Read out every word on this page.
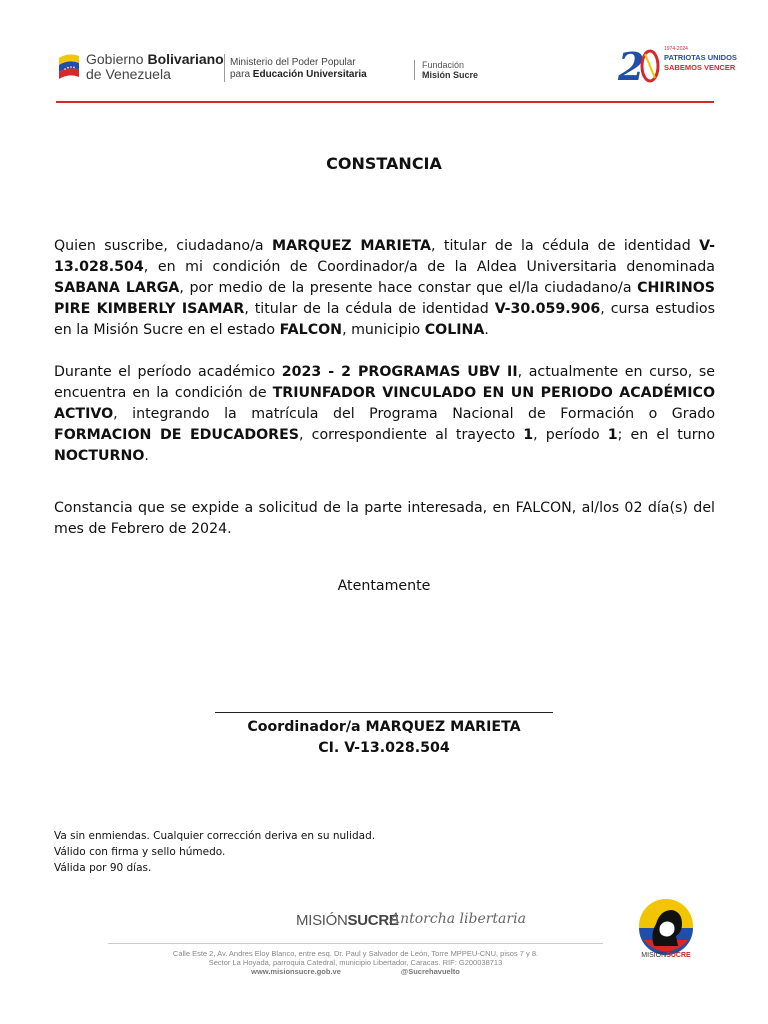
Gobierno Bolivariano
de Venezuela
Ministerio del Poder Popular
para Educación Universitaria
Fundación
Misión Sucre	2	1974-2024
PATRIOTAS UNIDOS
SABEMOS VENCER
CONSTANCIA
Quien suscribe, ciudadano/a MARQUEZ MARIETA, titular de la cédula de identidad V-13.028.504, en mi condición de Coordinador/a de la Aldea Universitaria denominada SABANA LARGA, por medio de la presente hace constar que el/la ciudadano/a CHIRINOS PIRE KIMBERLY ISAMAR, titular de la cédula de identidad V-30.059.906, cursa estudios en la Misión Sucre en el estado FALCON, municipio COLINA.
Durante el período académico 2023 - 2 PROGRAMAS UBV II, actualmente en curso, se encuentra en la condición de TRIUNFADOR VINCULADO EN UN PERIODO ACADÉMICO ACTIVO, integrando la matrícula del Programa Nacional de Formación o Grado FORMACION DE EDUCADORES, correspondiente al trayecto 1, período 1; en el turno NOCTURNO.
Constancia que se expide a solicitud de la parte interesada, en FALCON, al/los 02 día(s) del mes de Febrero de 2024.
Atentamente
Coordinador/a MARQUEZ MARIETA
CI. V-13.028.504
Va sin enmiendas. Cualquier corrección deriva en su nulidad.
Válido con firma y sello húmedo.
Válida por 90 días.
MISIÓNSUCRE
Antorcha libertaria
Calle Este 2, Av. Andres Eloy Blanco, entre esq. Dr. Paul y Salvador de León, Torre MPPEU-CNU, pisos 7 y 8.
Sector La Hoyada, parroquia Catedral, municipio Libertador, Caracas. RIF: G200038713
www.misionsucre.gob.ve	@Sucrehavuelto
MISIÓNSUCRE
